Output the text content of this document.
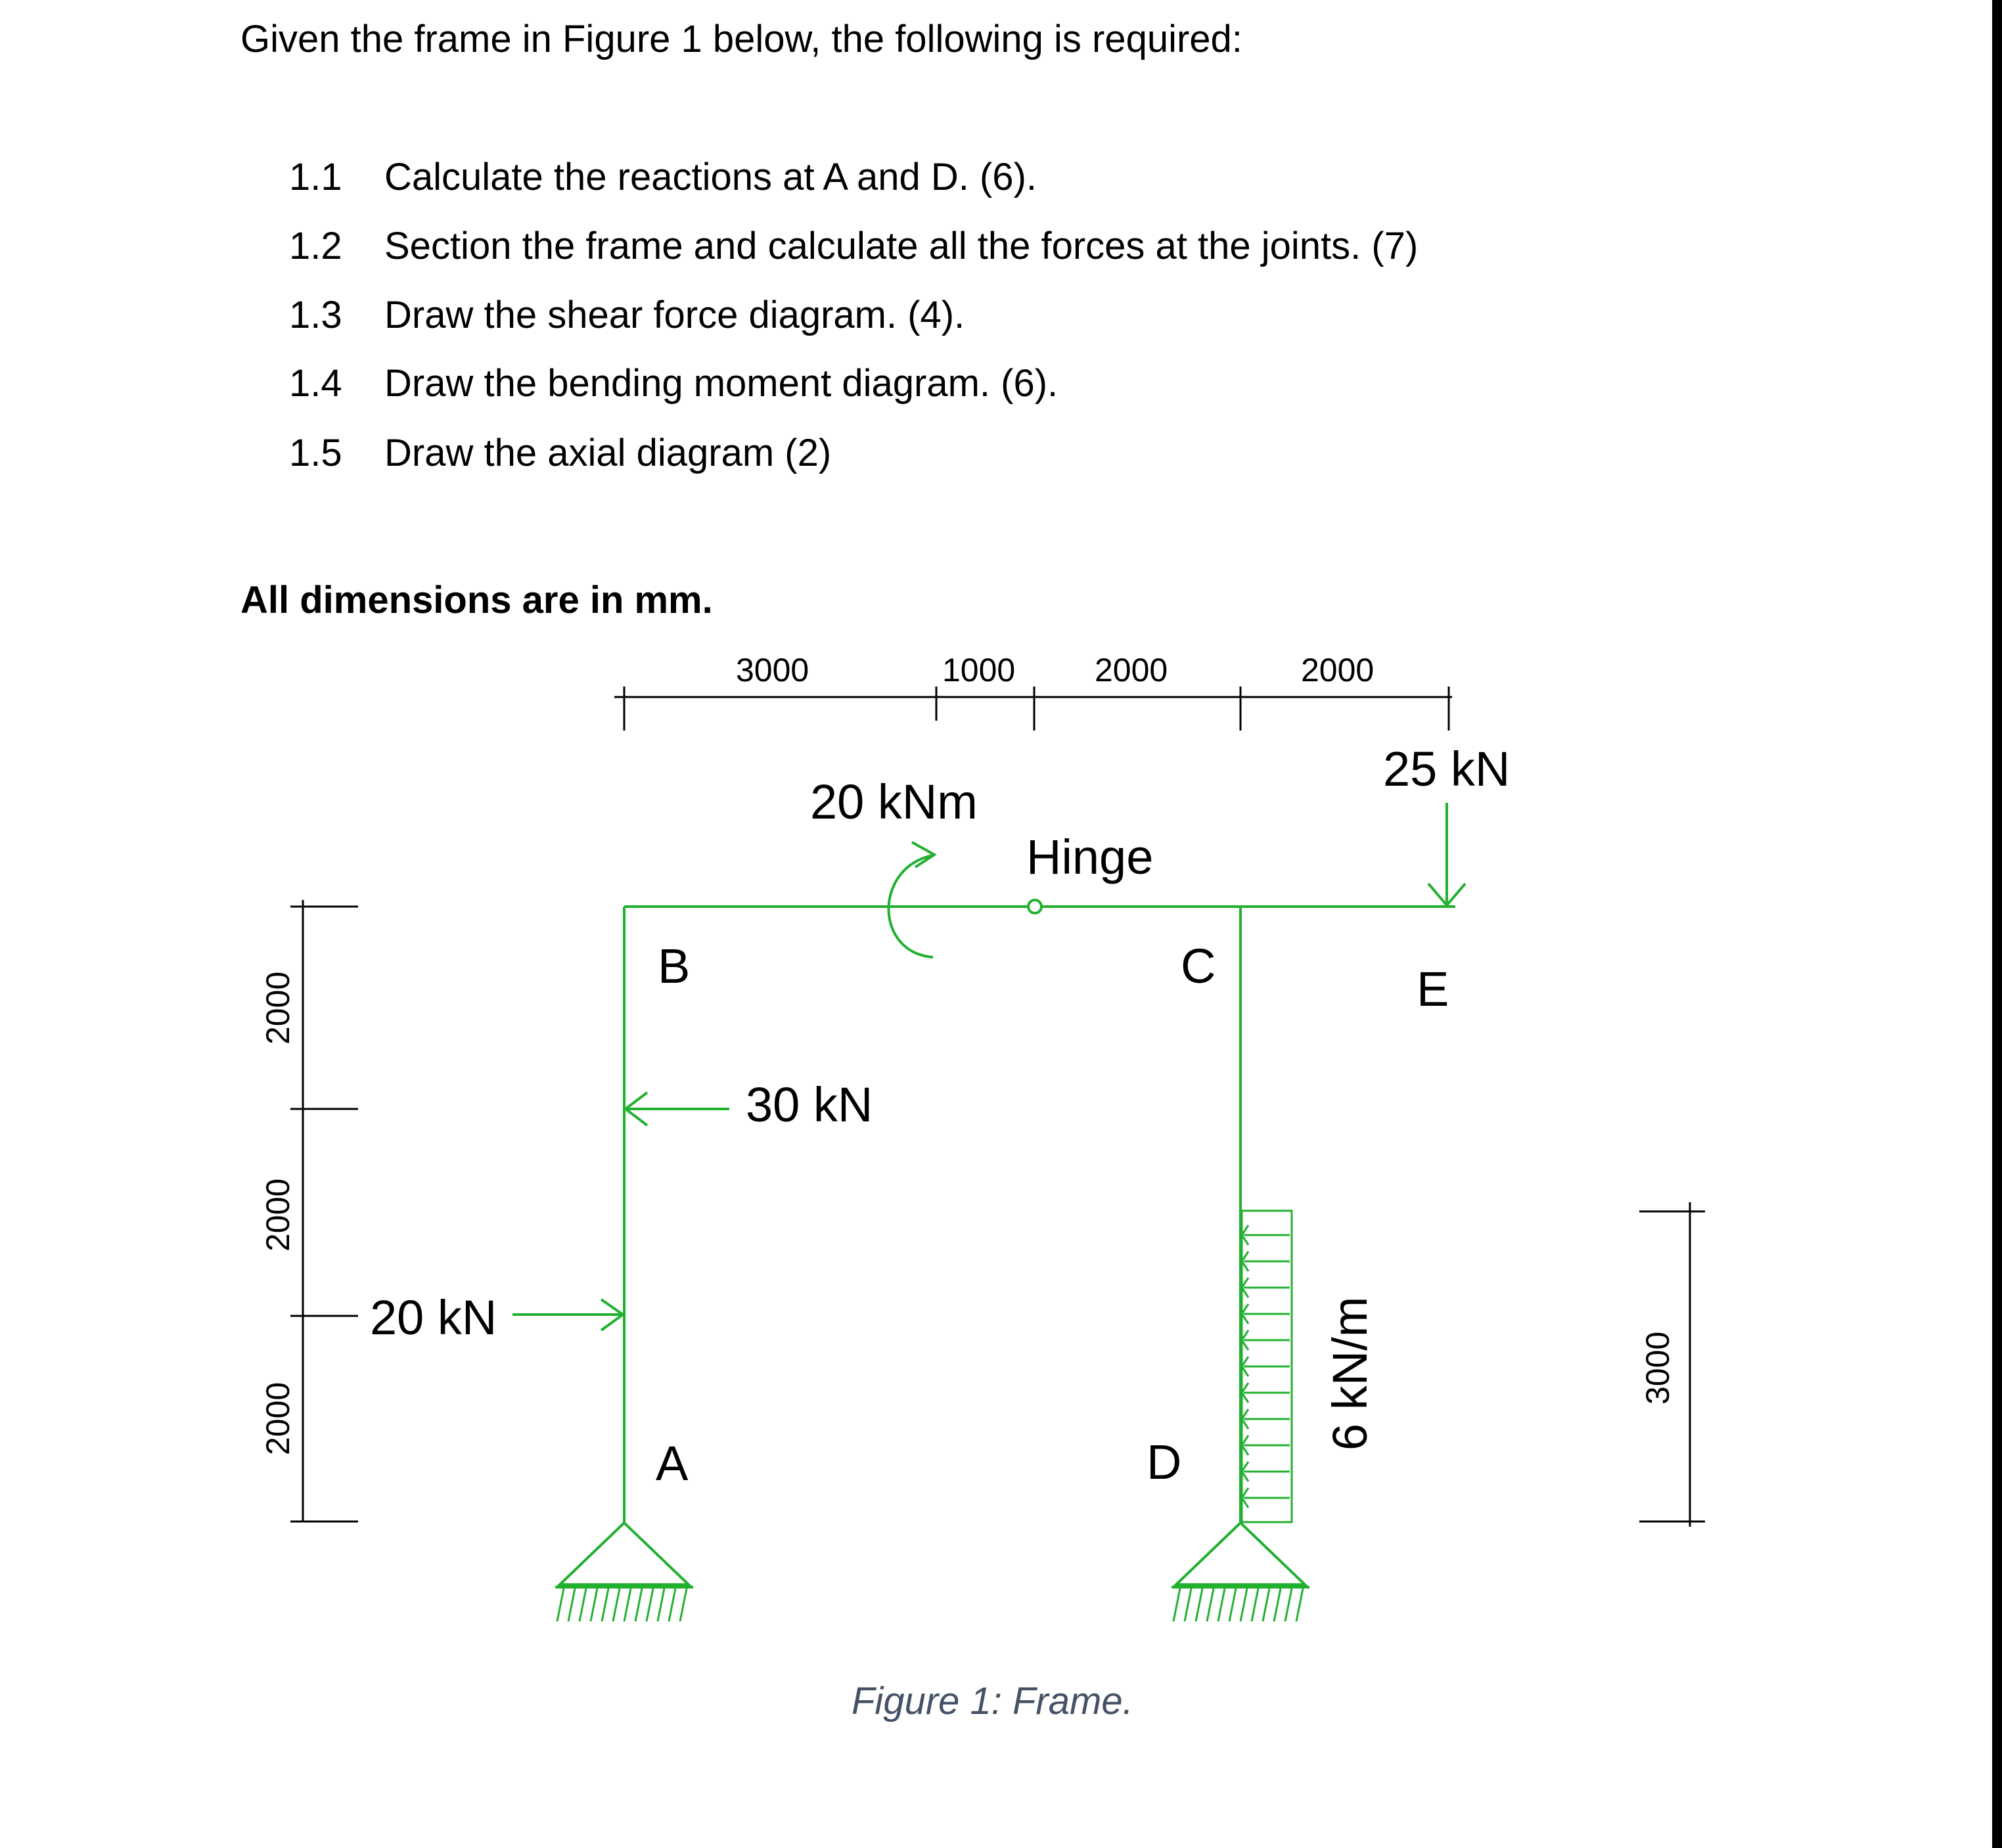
Given the frame in Figure 1 below, the following is required:
1.1 Calculate the reactions at A and D. (6).
1.2 Section the frame and calculate all the forces at the joints. (7)
1.3 Draw the shear force diagram. (4).
1.4 Draw the bending moment diagram. (6).
1.5 Draw the axial diagram (2)
All dimensions are in mm.
3000	1000 2000	2000
2000
2000
2000
3000
Hinge
20 kNm
25 kN
30 kN
20 kN	6 kN/m
A
B	C
D
E
Figure 1: Frame.
